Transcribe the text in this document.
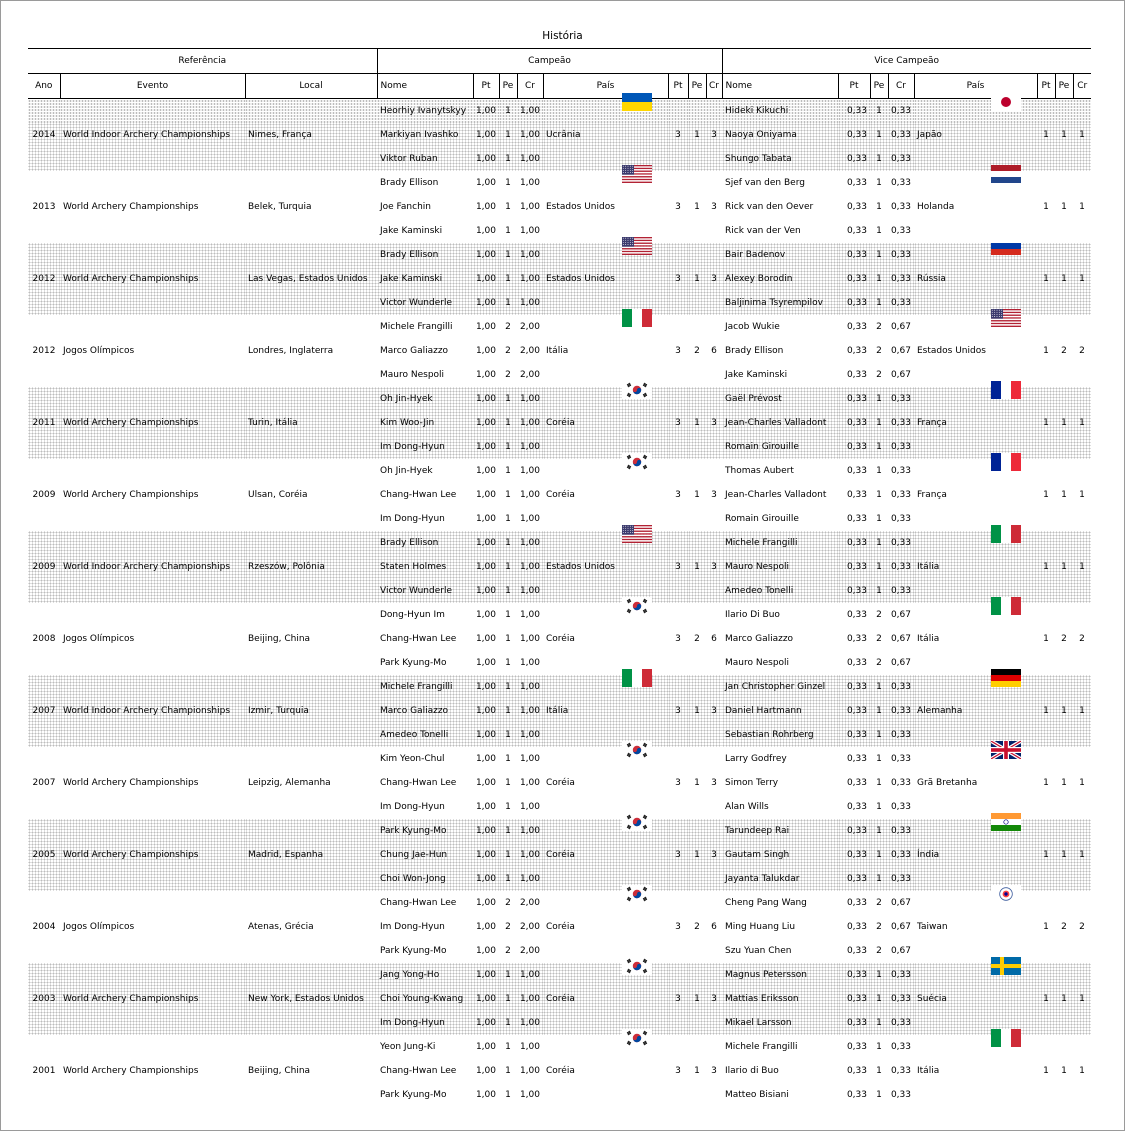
História
Referência			Campeão								Vice Campeão							
Ano	Evento	Local	Nome	Pt	Pe	Cr	País	Pt	Pe	Cr	Nome	Pt	Pe	Cr	País	Pt	Pe	Cr
			Heorhiy Ivanytskyy	1,00	1	1,00					Hideki Kikuchi	0,33	1	0,33	

2014	World Indoor Archery Championships	Nimes, França	Markiyan Ivashko	1,00	1	1,00	Ucrânia	3	1	3	Naoya Oniyama	0,33	1	0,33	Japão	1	1	1
			Viktor Ruban	1,00	1	1,00					Shungo Tabata	0,33	1	0,33				
			Brady Ellison	1,00	1	1,00					Sjef van den Berg	0,33	1	0,33	

2013	World Archery Championships	Belek, Turquia	Joe Fanchin	1,00	1	1,00	Estados Unidos	3	1	3	Rick van den Oever	0,33	1	0,33	Holanda	1	1	1
			Jake Kaminski	1,00	1	1,00					Rick van der Ven	0,33	1	0,33				
			Brady Ellison	1,00	1	1,00					Bair Badenov	0,33	1	0,33	

2012	World Archery Championships	Las Vegas, Estados Unidos	Jake Kaminski	1,00	1	1,00	Estados Unidos	3	1	3	Alexey Borodin	0,33	1	0,33	Rússia	1	1	1
			Victor Wunderle	1,00	1	1,00					Baljinima Tsyrempilov	0,33	1	0,33				
			Michele Frangilli	1,00	2	2,00					Jacob Wukie	0,33	2	0,67	

2012	Jogos Olímpicos	Londres, Inglaterra	Marco Galiazzo	1,00	2	2,00	Itália	3	2	6	Brady Ellison	0,33	2	0,67	Estados Unidos	1	2	2
			Mauro Nespoli	1,00	2	2,00					Jake Kaminski	0,33	2	0,67				
			Oh Jin-Hyek	1,00	1	1,00					Gaël Prévost	0,33	1	0,33	

2011	World Archery Championships	Turin, Itália	Kim Woo-Jin	1,00	1	1,00	Coréia	3	1	3	Jean-Charles Valladont	0,33	1	0,33	França	1	1	1
			Im Dong-Hyun	1,00	1	1,00					Romain Girouille	0,33	1	0,33				
			Oh Jin-Hyek	1,00	1	1,00					Thomas Aubert	0,33	1	0,33	

2009	World Archery Championships	Ulsan, Coréia	Chang-Hwan Lee	1,00	1	1,00	Coréia	3	1	3	Jean-Charles Valladont	0,33	1	0,33	França	1	1	1
			Im Dong-Hyun	1,00	1	1,00					Romain Girouille	0,33	1	0,33				
			Brady Ellison	1,00	1	1,00					Michele Frangilli	0,33	1	0,33	

2009	World Indoor Archery Championships	Rzeszów, Polônia	Staten Holmes	1,00	1	1,00	Estados Unidos	3	1	3	Mauro Nespoli	0,33	1	0,33	Itália	1	1	1
			Victor Wunderle	1,00	1	1,00					Amedeo Tonelli	0,33	1	0,33				
			Dong-Hyun Im	1,00	1	1,00					Ilario Di Buo	0,33	2	0,67	

2008	Jogos Olímpicos	Beijing, China	Chang-Hwan Lee	1,00	1	1,00	Coréia	3	2	6	Marco Galiazzo	0,33	2	0,67	Itália	1	2	2
			Park Kyung-Mo	1,00	1	1,00					Mauro Nespoli	0,33	2	0,67				
			Michele Frangilli	1,00	1	1,00					Jan Christopher Ginzel	0,33	1	0,33	

2007	World Indoor Archery Championships	Izmir, Turquia	Marco Galiazzo	1,00	1	1,00	Itália	3	1	3	Daniel Hartmann	0,33	1	0,33	Alemanha	1	1	1
			Amedeo Tonelli	1,00	1	1,00					Sebastian Rohrberg	0,33	1	0,33				
			Kim Yeon-Chul	1,00	1	1,00					Larry Godfrey	0,33	1	0,33	

2007	World Archery Championships	Leipzig, Alemanha	Chang-Hwan Lee	1,00	1	1,00	Coréia	3	1	3	Simon Terry	0,33	1	0,33	Grã Bretanha	1	1	1
			Im Dong-Hyun	1,00	1	1,00					Alan Wills	0,33	1	0,33				
			Park Kyung-Mo	1,00	1	1,00					Tarundeep Rai	0,33	1	0,33	

2005	World Archery Championships	Madrid, Espanha	Chung Jae-Hun	1,00	1	1,00	Coréia	3	1	3	Gautam Singh	0,33	1	0,33	Índia	1	1	1
			Choi Won-Jong	1,00	1	1,00					Jayanta Talukdar	0,33	1	0,33				
			Chang-Hwan Lee	1,00	2	2,00					Cheng Pang Wang	0,33	2	0,67	

2004	Jogos Olímpicos	Atenas, Grécia	Im Dong-Hyun	1,00	2	2,00	Coréia	3	2	6	Ming Huang Liu	0,33	2	0,67	Taiwan	1	2	2
			Park Kyung-Mo	1,00	2	2,00					Szu Yuan Chen	0,33	2	0,67				
			Jang Yong-Ho	1,00	1	1,00					Magnus Petersson	0,33	1	0,33	

2003	World Archery Championships	New York, Estados Unidos	Choi Young-Kwang	1,00	1	1,00	Coréia	3	1	3	Mattias Eriksson	0,33	1	0,33	Suécia	1	1	1
			Im Dong-Hyun	1,00	1	1,00					Mikael Larsson	0,33	1	0,33				
			Yeon Jung-Ki	1,00	1	1,00					Michele Frangilli	0,33	1	0,33	

2001	World Archery Championships	Beijing, China	Chang-Hwan Lee	1,00	1	1,00	Coréia	3	1	3	Ilario di Buo	0,33	1	0,33	Itália	1	1	1
			Park Kyung-Mo	1,00	1	1,00					Matteo Bisiani	0,33	1	0,33				
